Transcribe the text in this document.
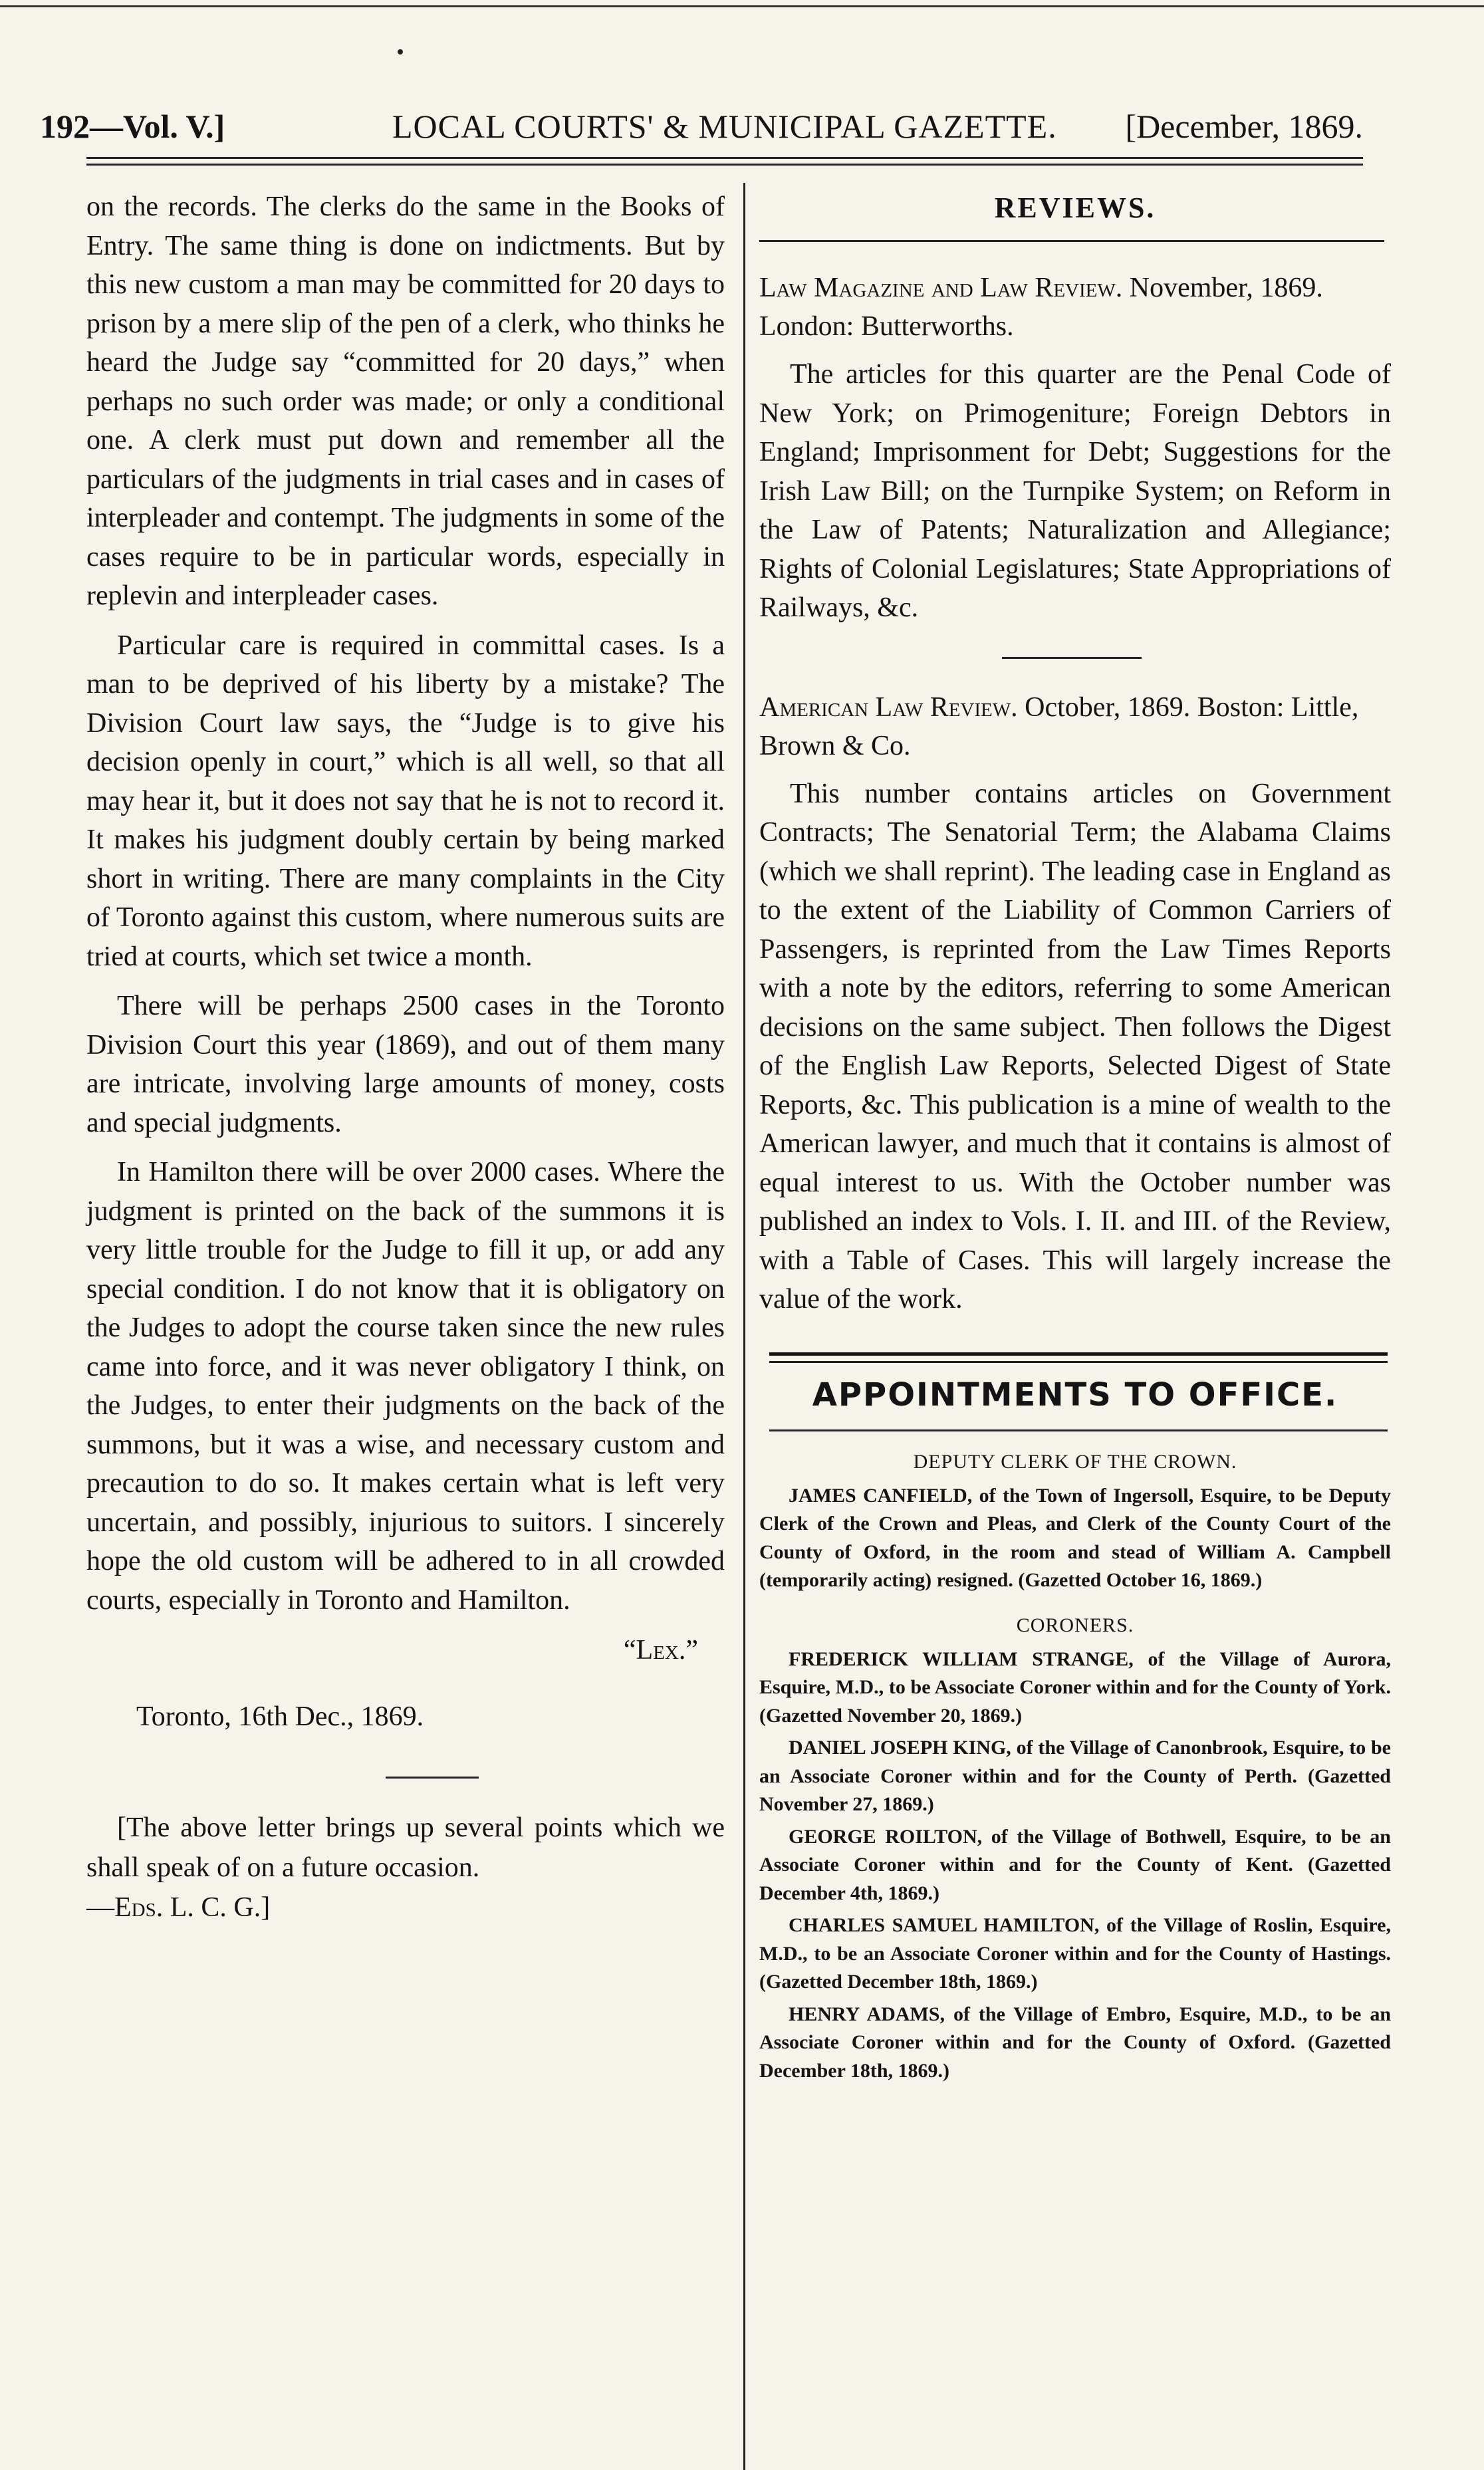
192—Vol. V.]	LOCAL COURTS' & MUNICIPAL GAZETTE. [December, 1869.

on the records. The clerks do the same in the Books of Entry. The same thing is done on indictments. But by this new custom a man may be committed for 20 days to prison by a mere slip of the pen of a clerk, who thinks he heard the Judge say “committed for 20 days,” when perhaps no such order was made; or only a conditional one. A clerk must put down and remember all the particulars of the judgments in trial cases and in cases of interpleader and contempt. The judgments in some of the cases require to be in particular words, especially in replevin and interpleader cases.

Particular care is required in committal cases. Is a man to be deprived of his liberty by a mistake? The Division Court law says, the “Judge is to give his decision openly in court,” which is all well, so that all may hear it, but it does not say that he is not to record it. It makes his judgment doubly certain by being marked short in writing. There are many complaints in the City of Toronto against this custom, where numerous suits are tried at courts, which set twice a month.

There will be perhaps 2500 cases in the Toronto Division Court this year (1869), and out of them many are intricate, involving large amounts of money, costs and special judgments.

In Hamilton there will be over 2000 cases. Where the judgment is printed on the back of the summons it is very little trouble for the Judge to fill it up, or add any special condition. I do not know that it is obligatory on the Judges to adopt the course taken since the new rules came into force, and it was never obligatory I think, on the Judges, to enter their judgments on the back of the summons, but it was a wise, and necessary custom and precaution to do so. It makes certain what is left very uncertain, and possibly, injurious to suitors. I sincerely hope the old custom will be adhered to in all crowded courts, especially in Toronto and Hamilton.

“Lex.”
Toronto, 16th Dec., 1869.

[The above letter brings up several points which we shall speak of on a future occasion.

—Eds. L. C. G.]

REVIEWS.
Law Magazine and Law Review. November, 1869. London: Butterworths.

The articles for this quarter are the Penal Code of New York; on Primogeniture; Foreign Debtors in England; Imprisonment for Debt; Suggestions for the Irish Law Bill; on the Turnpike System; on Reform in the Law of Patents; Naturalization and Allegiance; Rights of Colonial Legislatures; State Appropriations of Railways, &c.

American Law Review. October, 1869. Boston: Little, Brown & Co.

This number contains articles on Government Contracts; The Senatorial Term; the Alabama Claims (which we shall reprint). The leading case in England as to the extent of the Liability of Common Carriers of Passengers, is reprinted from the Law Times Reports with a note by the editors, referring to some American decisions on the same subject. Then follows the Digest of the English Law Reports, Selected Digest of State Reports, &c. This publication is a mine of wealth to the American lawyer, and much that it contains is almost of equal interest to us. With the October number was published an index to Vols. I. II. and III. of the Review, with a Table of Cases. This will largely increase the value of the work.

APPOINTMENTS TO OFFICE.
DEPUTY CLERK OF THE CROWN.

JAMES CANFIELD, of the Town of Ingersoll, Esquire, to be Deputy Clerk of the Crown and Pleas, and Clerk of the County Court of the County of Oxford, in the room and stead of William A. Campbell (temporarily acting) resigned. (Gazetted October 16, 1869.)

CORONERS.

FREDERICK WILLIAM STRANGE, of the Village of Aurora, Esquire, M.D., to be Associate Coroner within and for the County of York. (Gazetted November 20, 1869.)

DANIEL JOSEPH KING, of the Village of Canonbrook, Esquire, to be an Associate Coroner within and for the County of Perth. (Gazetted November 27, 1869.)

GEORGE ROILTON, of the Village of Bothwell, Esquire, to be an Associate Coroner within and for the County of Kent. (Gazetted December 4th, 1869.)

CHARLES SAMUEL HAMILTON, of the Village of Roslin, Esquire, M.D., to be an Associate Coroner within and for the County of Hastings. (Gazetted December 18th, 1869.)

HENRY ADAMS, of the Village of Embro, Esquire, M.D., to be an Associate Coroner within and for the County of Oxford. (Gazetted December 18th, 1869.)
